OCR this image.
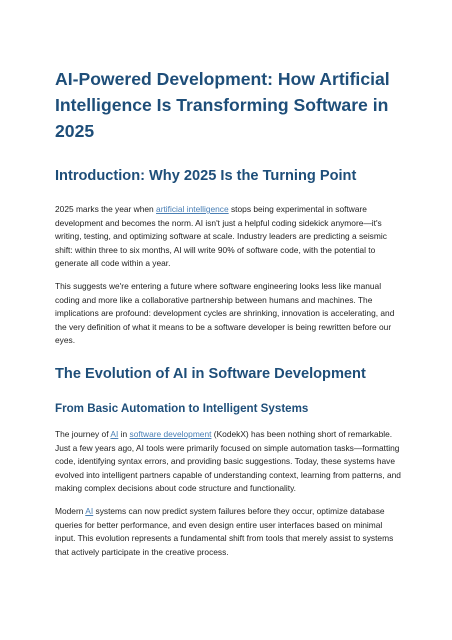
AI-Powered Development: How Artificial Intelligence Is Transforming Software in 2025
Introduction: Why 2025 Is the Turning Point

2025 marks the year when artificial intelligence stops being experimental in software development and becomes the norm. AI isn't just a helpful coding sidekick anymore—it's writing, testing, and optimizing software at scale. Industry leaders are predicting a seismic shift: within three to six months, AI will write 90% of software code, with the potential to generate all code within a year.

This suggests we're entering a future where software engineering looks less like manual coding and more like a collaborative partnership between humans and machines. The implications are profound: development cycles are shrinking, innovation is accelerating, and the very definition of what it means to be a software developer is being rewritten before our eyes.

The Evolution of AI in Software Development
From Basic Automation to Intelligent Systems

The journey of AI in software development (KodekX) has been nothing short of remarkable. Just a few years ago, AI tools were primarily focused on simple automation tasks—formatting code, identifying syntax errors, and providing basic suggestions. Today, these systems have evolved into intelligent partners capable of understanding context, learning from patterns, and making complex decisions about code structure and functionality.

Modern AI systems can now predict system failures before they occur, optimize database queries for better performance, and even design entire user interfaces based on minimal input. This evolution represents a fundamental shift from tools that merely assist to systems that actively participate in the creative process.
